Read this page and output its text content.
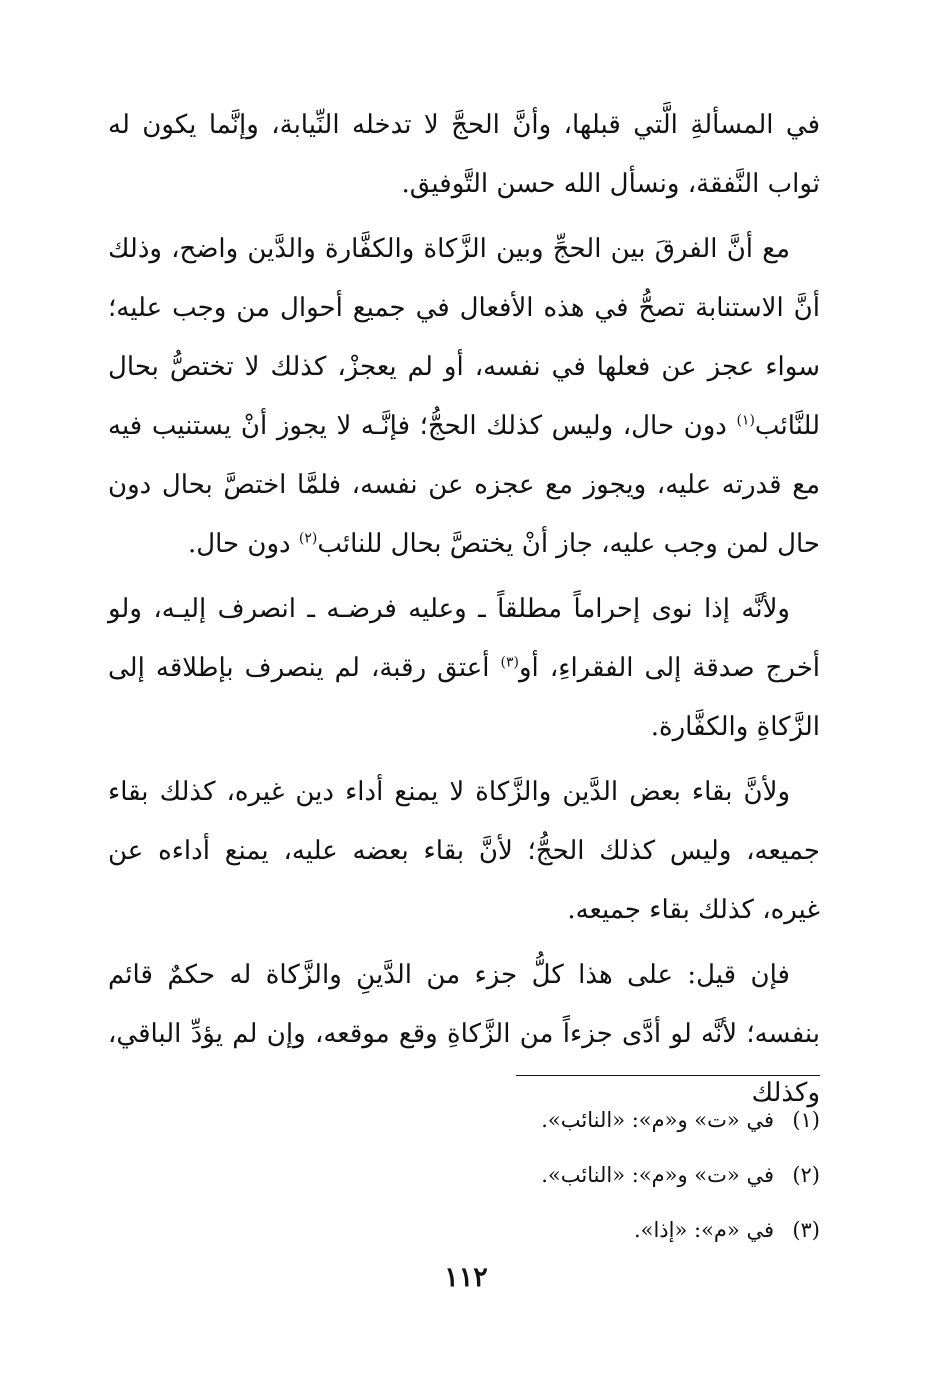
في المسألةِ الَّتي قبلها، وأنَّ الحجَّ لا تدخله النِّيابة، وإنَّما يكون له ثواب النَّفقة، ونسأل الله حسن التَّوفيق.

مع أنَّ الفرقَ بين الحجِّ وبين الزَّكاة والكفَّارة والدَّين واضح، وذلك أنَّ الاستنابة تصحُّ في هذه الأفعال في جميع أحوال من وجب عليه؛ سواء عجز عن فعلها في نفسه، أو لم يعجزْ، كذلك لا تختصُّ بحال للنَّائب$^{(١)}$ دون حال، وليس كذلك الحجُّ؛ فإنَّـه لا يجوز أنْ يستنيب فيه مع قدرته عليه، ويجوز مع عجزه عن نفسه، فلمَّا اختصَّ بحال دون حال لمن وجب عليه، جاز أنْ يختصَّ بحال للنائب$^{(٢)}$ دون حال.

ولأنَّه إذا نوى إحراماً مطلقاً ـ وعليه فرضـه ـ انصرف إليـه، ولو أخرج صدقة إلى الفقراءِ، أو$^{(٣)}$ أعتق رقبة، لم ينصرف بإطلاقه إلى الزَّكاةِ والكفَّارة.

ولأنَّ بقاء بعض الدَّين والزَّكاة لا يمنع أداء دين غيره، كذلك بقاء جميعه، وليس كذلك الحجُّ؛ لأنَّ بقاء بعضه عليه، يمنع أداءه عن غيره، كذلك بقاء جميعه.

فإن قيل: على هذا كلُّ جزء من الدَّينِ والزَّكاة له حكمٌ قائم بنفسه؛ لأنَّه لو أدَّى جزءاً من الزَّكاةِ وقع موقعه، وإن لم يؤدِّ الباقي، وكذلك

(١)
في «ت» و«م»: «النائب».
(٢)
في «ت» و«م»: «النائب».
(٣)
في «م»: «إذا».
١١٢
